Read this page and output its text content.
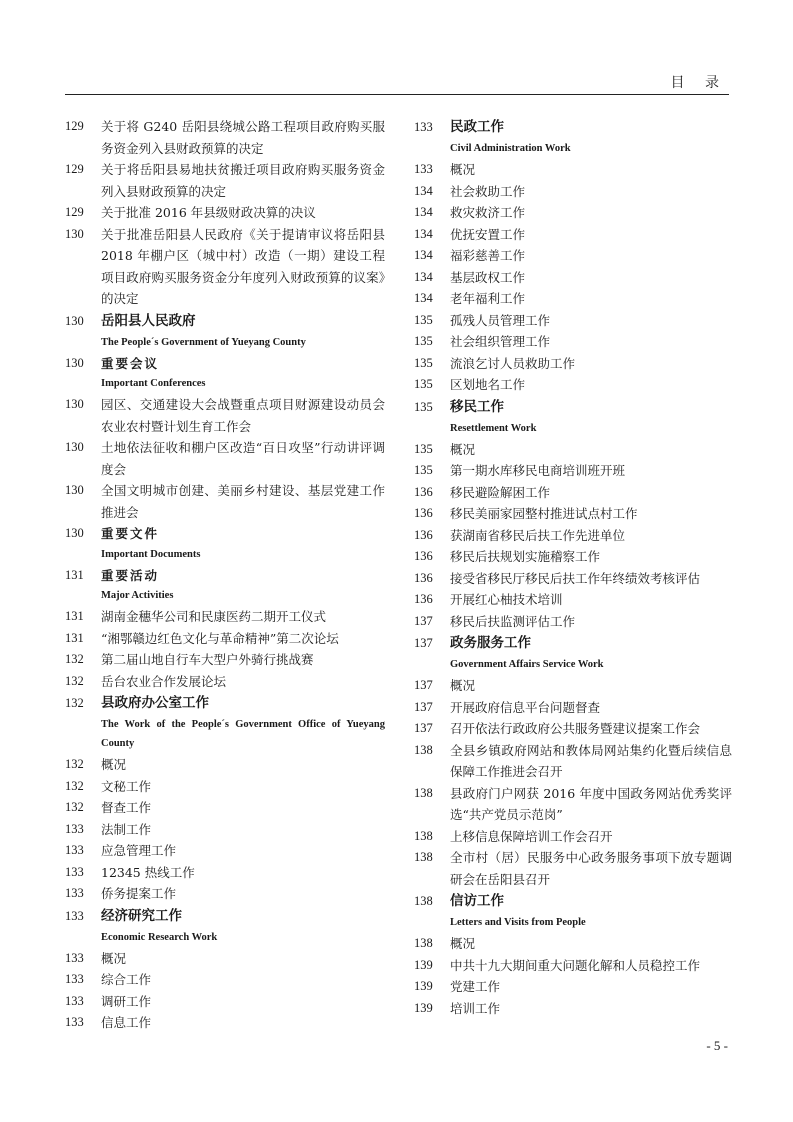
目 录
129	关于将 G240 岳阳县绕城公路工程项目政府购买服务资金列入县财政预算的决定
129	关于将岳阳县易地扶贫搬迁项目政府购买服务资金列入县财政预算的决定
129	关于批准 2016 年县级财政决算的决议
130	关于批准岳阳县人民政府《关于提请审议将岳阳县 2018 年棚户区（城中村）改造（一期）建设工程项目政府购买服务资金分年度列入财政预算的议案》的决定
130	岳阳县人民政府
The People´s Government of Yueyang County
130	重要会议
Important Conferences
130	园区、交通建设大会战暨重点项目财源建设动员会农业农村暨计划生育工作会
130	土地依法征收和棚户区改造“百日攻坚”行动讲评调度会
130	全国文明城市创建、美丽乡村建设、基层党建工作推进会
130	重要文件
Important Documents
131	重要活动
Major Activities
131	湖南金穗华公司和民康医药二期开工仪式
131	“湘鄂赣边红色文化与革命精神”第二次论坛
132	第二届山地自行车大型户外骑行挑战赛
132	岳台农业合作发展论坛
132	县政府办公室工作
The Work of the People´s Government Office of Yueyang County
132	概况
132	文秘工作
132	督查工作
133	法制工作
133	应急管理工作
133	12345 热线工作
133	侨务提案工作
133	经济研究工作
Economic Research Work
133	概况
133	综合工作
133	调研工作
133	信息工作
133	民政工作
Civil Administration Work
133	概况
134	社会救助工作
134	救灾救济工作
134	优抚安置工作
134	福彩慈善工作
134	基层政权工作
134	老年福利工作
135	孤残人员管理工作
135	社会组织管理工作
135	流浪乞讨人员救助工作
135	区划地名工作
135	移民工作
Resettlement Work
135	概况
135	第一期水库移民电商培训班开班
136	移民避险解困工作
136	移民美丽家园整村推进试点村工作
136	获湖南省移民后扶工作先进单位
136	移民后扶规划实施稽察工作
136	接受省移民厅移民后扶工作年终绩效考核评估
136	开展红心柚技术培训
137	移民后扶监测评估工作
137	政务服务工作
Government Affairs Service Work
137	概况
137	开展政府信息平台问题督查
137	召开依法行政政府公共服务暨建议提案工作会
138	全县乡镇政府网站和教体局网站集约化暨后续信息保障工作推进会召开
138	县政府门户网获 2016 年度中国政务网站优秀奖评选“共产党员示范岗”
138	上移信息保障培训工作会召开
138	全市村（居）民服务中心政务服务事项下放专题调研会在岳阳县召开
138	信访工作
Letters and Visits from People
138	概况
139	中共十九大期间重大问题化解和人员稳控工作
139	党建工作
139	培训工作
- 5 -
